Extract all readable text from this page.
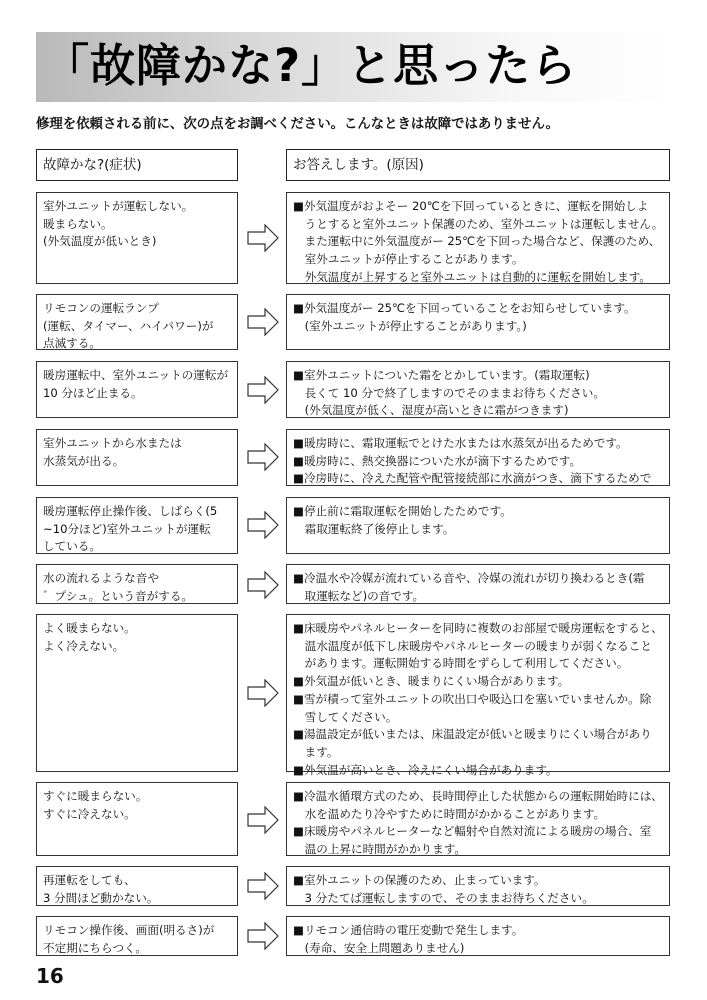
「故障かな?」と思ったら
修理を依頼される前に、次の点をお調べください。こんなときは故障ではありません。
故障かな?(症状)	お答えします。(原因)
室外ユニットが運転しない。
暖まらない。
(外気温度が低いとき)
■外気温度がおよそー 20℃を下回っているときに、運転を開始しよ
　うとすると室外ユニット保護のため、室外ユニットは運転しません。
　また運転中に外気温度がー 25℃を下回った場合など、保護のため、
　室外ユニットが停止することがあります。
　外気温度が上昇すると室外ユニットは自動的に運転を開始します。
リモコンの運転ランプ
(運転、タイマー、ハイパワー)が
点滅する。
■外気温度がー 25℃を下回っていることをお知らせしています。
　(室外ユニットが停止することがあります。)
暖房運転中、室外ユニットの運転が
10 分ほど止まる。
■室外ユニットについた霜をとかしています。(霜取運転)
　長くて 10 分で終了しますのでそのままお待ちください。
　(外気温度が低く、湿度が高いときに霜がつきます)
室外ユニットから水または
水蒸気が出る。
■暖房時に、霜取運転でとけた水または水蒸気が出るためです。
■暖房時に、熱交換器についた水が滴下するためです。
■冷房時に、冷えた配管や配管接続部に水滴がつき、滴下するためで
暖房運転停止操作後、しばらく(5
~10分ほど)室外ユニットが運転
している。
■停止前に霜取運転を開始したためです。
　霜取運転終了後停止します。
水の流れるような音や
゛プシュ。という音がする。
■冷温水や冷媒が流れている音や、冷媒の流れが切り換わるとき(霜
　取運転など)の音です。
よく暖まらない。
よく冷えない。
■床暖房やパネルヒーターを同時に複数のお部屋で暖房運転をすると、
　温水温度が低下し床暖房やパネルヒーターの暖まりが弱くなること
　があります。運転開始する時間をずらして利用してください。
■外気温が低いとき、暖まりにくい場合があります。
■雪が積って室外ユニットの吹出口や吸込口を塞いでいませんか。除
　雪してください。
■湯温設定が低いまたは、床温設定が低いと暖まりにくい場合があり
　ます。
■外気温が高いとき、冷えにくい場合があります。
すぐに暖まらない。
すぐに冷えない。
■冷温水循環方式のため、長時間停止した状態からの運転開始時には、
　水を温めたり冷やすために時間がかかることがあります。
■床暖房やパネルヒーターなど輻射や自然対流による暖房の場合、室
　温の上昇に時間がかかります。
再運転をしても、
3 分間ほど動かない。
■室外ユニットの保護のため、止まっています。
　3 分たてば運転しますので、そのままお待ちください。
リモコン操作後、画面(明るさ)が
不定期にちらつく。
■リモコン通信時の電圧変動で発生します。
　(寿命、安全上問題ありません)
16
